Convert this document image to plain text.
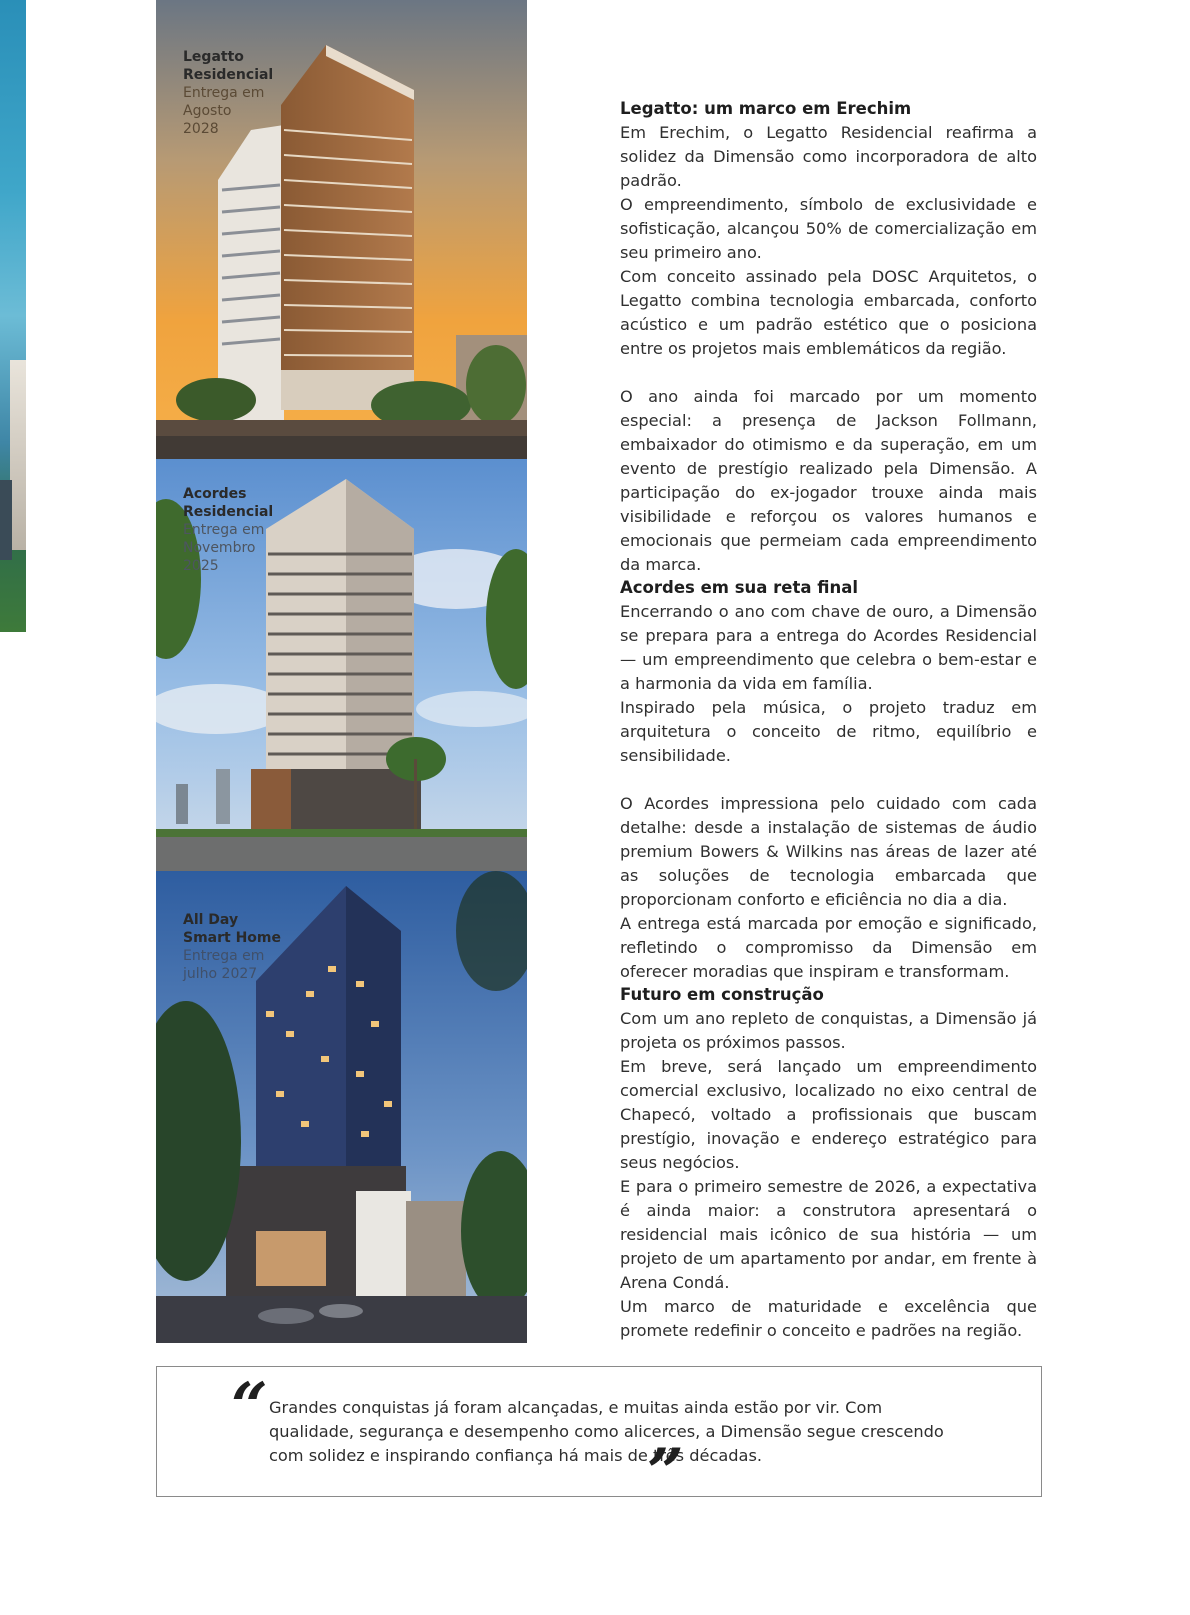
Legatto
Residencial
Entrega em
Agosto
2028
Acordes
Residencial
Entrega em
Novembro
2025
All Day
Smart Home
Entrega em
julho 2027
Legatto: um marco em Erechim

Em Erechim, o Legatto Residencial reafirma a solidez da Dimensão como incorporadora de alto padrão.

O empreendimento, símbolo de exclusividade e sofisticação, alcançou 50% de comercialização em seu primeiro ano.

Com conceito assinado pela DOSC Arquitetos, o Legatto combina tecnologia embarcada, conforto acústico e um padrão estético que o posiciona entre os projetos mais emblemáticos da região.

O ano ainda foi marcado por um momento especial: a presença de Jackson Follmann, embaixador do otimismo e da superação, em um evento de prestígio realizado pela Dimensão. A participação do ex-jogador trouxe ainda mais visibilidade e reforçou os valores humanos e emocionais que permeiam cada empreendimento da marca.

Acordes em sua reta final

Encerrando o ano com chave de ouro, a Dimensão se prepara para a entrega do Acordes Residencial — um empreendimento que celebra o bem-estar e a harmonia da vida em família.

Inspirado pela música, o projeto traduz em arquitetura o conceito de ritmo, equilíbrio e sensibilidade.

O Acordes impressiona pelo cuidado com cada detalhe: desde a instalação de sistemas de áudio premium Bowers & Wilkins nas áreas de lazer até as soluções de tecnologia embarcada que proporcionam conforto e eficiência no dia a dia.

A entrega está marcada por emoção e significado, refletindo o compromisso da Dimensão em oferecer moradias que inspiram e transformam.

Futuro em construção

Com um ano repleto de conquistas, a Dimensão já projeta os próximos passos.

Em breve, será lançado um empreendimento comercial exclusivo, localizado no eixo central de Chapecó, voltado a profissionais que buscam prestígio, inovação e endereço estratégico para seus negócios.

E para o primeiro semestre de 2026, a expectativa é ainda maior: a construtora apresentará o residencial mais icônico de sua história — um projeto de um apartamento por andar, em frente à Arena Condá.

Um marco de maturidade e excelência que promete redefinir o conceito e padrões na região.

“ Grandes conquistas já foram alcançadas, e muitas ainda estão por vir. Com qualidade, segurança e desempenho como alicerces, a Dimensão segue crescendo com solidez e inspirando confiança há mais de três décadas.
”
